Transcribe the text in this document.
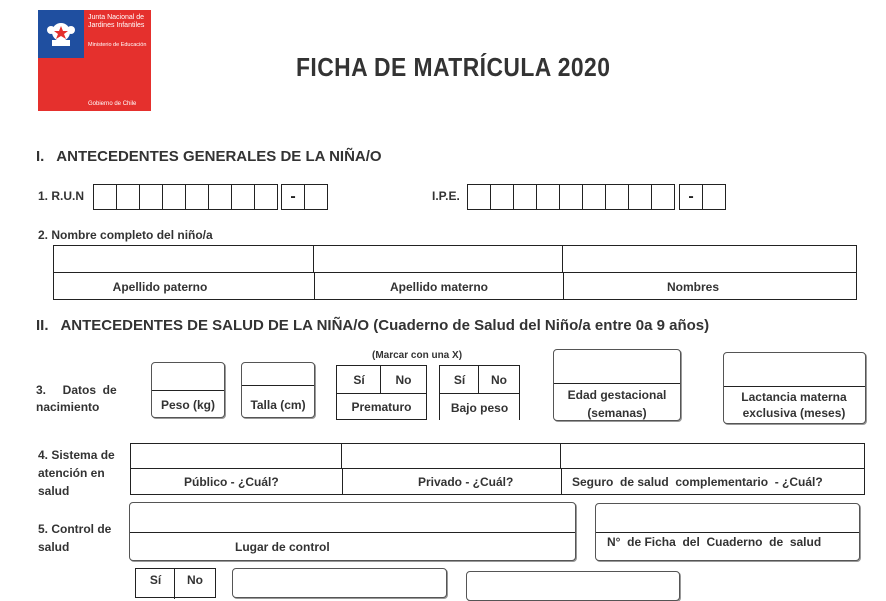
Junta Nacional de Jardines Infantiles
Ministerio de Educación
Gobierno de Chile
FICHA DE MATRÍCULA 2020
I.   ANTECEDENTES GENERALES DE LA NIÑA/O
1. R.U.N	-	I.P.E.	-
2. Nombre completo del niño/a
Apellido paterno	Apellido materno	Nombres
II.   ANTECEDENTES DE SALUD DE LA NIÑA/O (Cuaderno de Salud del Niño/a entre 0a 9 años)
(Marcar con una X)
3.     Datos  de nacimiento	Peso (kg)	Talla (cm)
Sí	No
Prematuro
Sí	No
Bajo peso
Edad gestacional (semanas)
Lactancia materna exclusiva (meses)
4. Sistema de atención en salud
Público - ¿Cuál?	Privado - ¿Cuál?	Seguro  de salud  complementario  - ¿Cuál?
5. Control de salud	Lugar de control	N°  de Ficha  del  Cuaderno  de  salud
Sí	No
